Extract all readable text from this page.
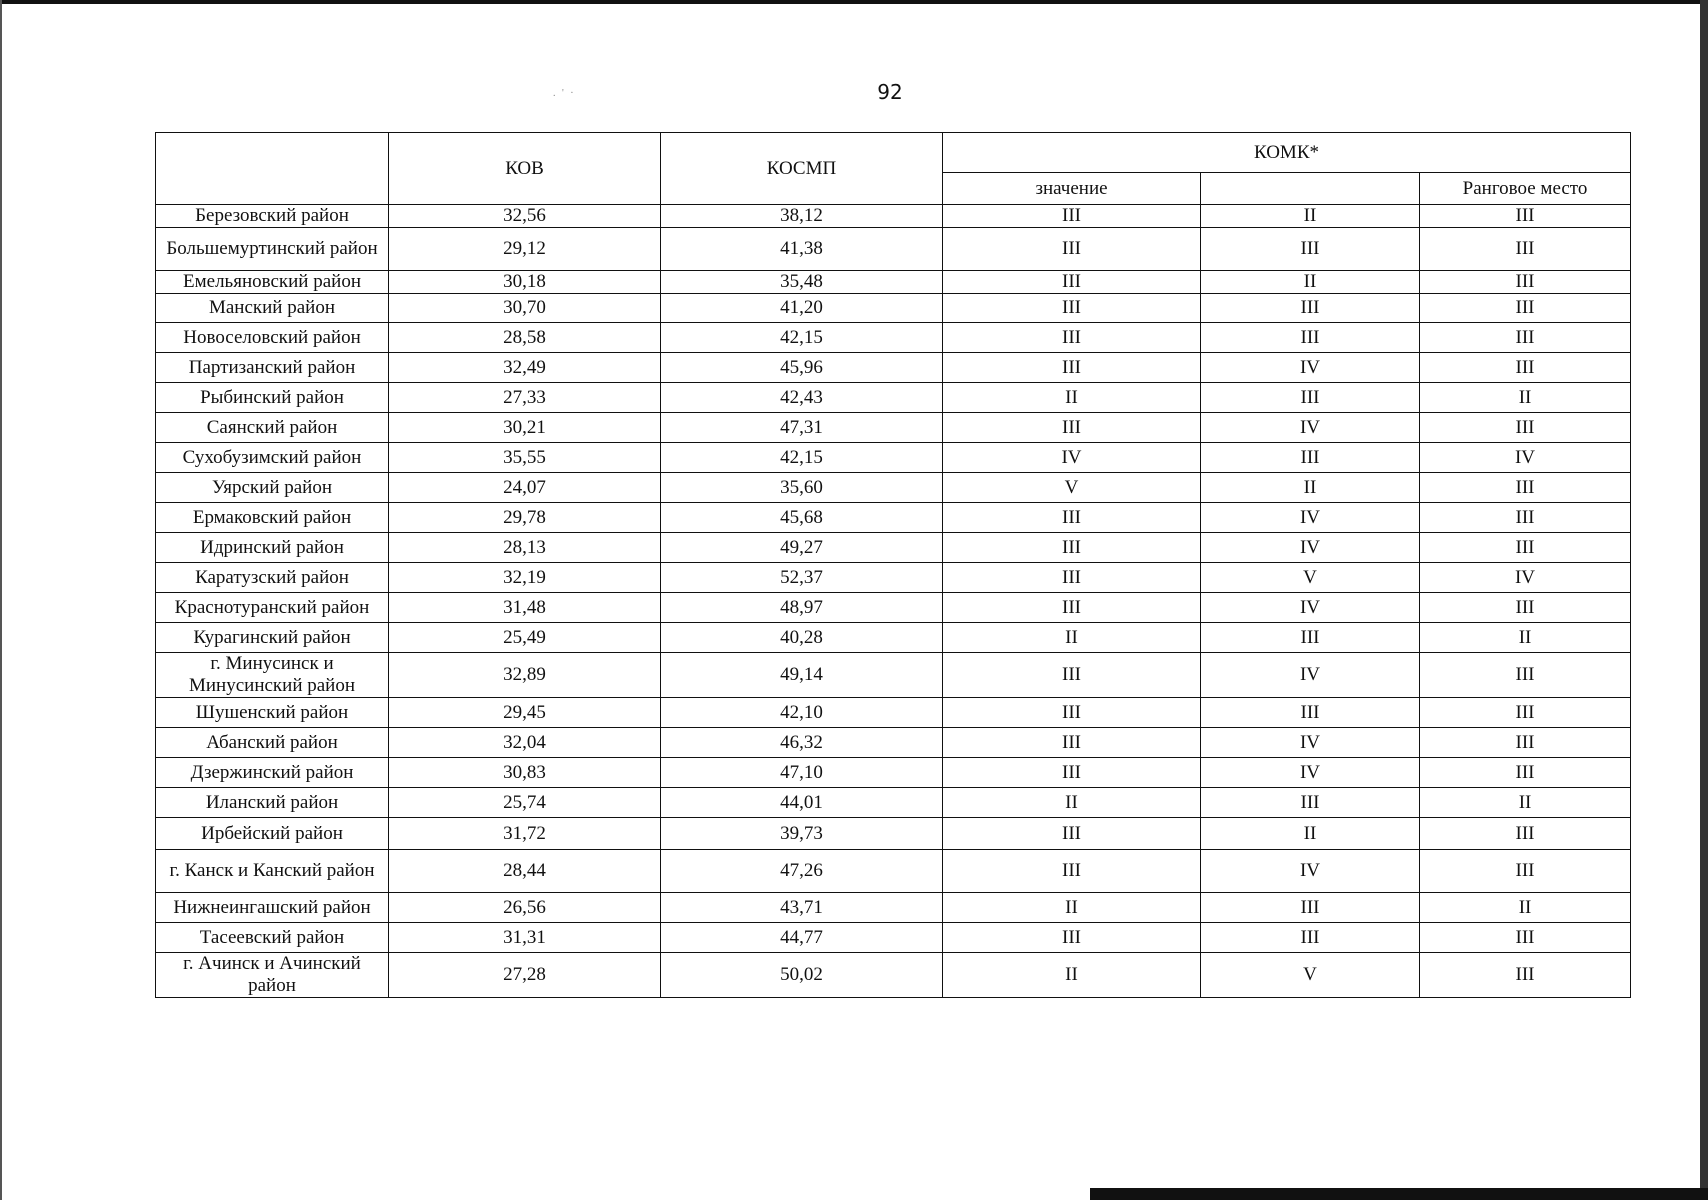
. ' ·	92
	КОВ	КОСМП	КОМК*		
			значение		Ранговое место
Березовский район	32,56	38,12	III	II	III
Большемуртинский район	29,12	41,38	III	III	III
Емельяновский район	30,18	35,48	III	II	III
Манский район	30,70	41,20	III	III	III
Новоселовский район	28,58	42,15	III	III	III
Партизанский район	32,49	45,96	III	IV	III
Рыбинский район	27,33	42,43	II	III	II
Саянский район	30,21	47,31	III	IV	III
Сухобузимский район	35,55	42,15	IV	III	IV
Уярский район	24,07	35,60	V	II	III
Ермаковский район	29,78	45,68	III	IV	III
Идринский район	28,13	49,27	III	IV	III
Каратузский район	32,19	52,37	III	V	IV
Краснотуранский район	31,48	48,97	III	IV	III
Курагинский район	25,49	40,28	II	III	II
г. Минусинск и Минусинский район	32,89	49,14	III	IV	III
Шушенский район	29,45	42,10	III	III	III
Абанский район	32,04	46,32	III	IV	III
Дзержинский район	30,83	47,10	III	IV	III
Иланский район	25,74	44,01	II	III	II
Ирбейский район	31,72	39,73	III	II	III
г. Канск и Канский район	28,44	47,26	III	IV	III
Нижнеингашский район	26,56	43,71	II	III	II
Тасеевский район	31,31	44,77	III	III	III
г. Ачинск и Ачинский район	27,28	50,02	II	V	III
